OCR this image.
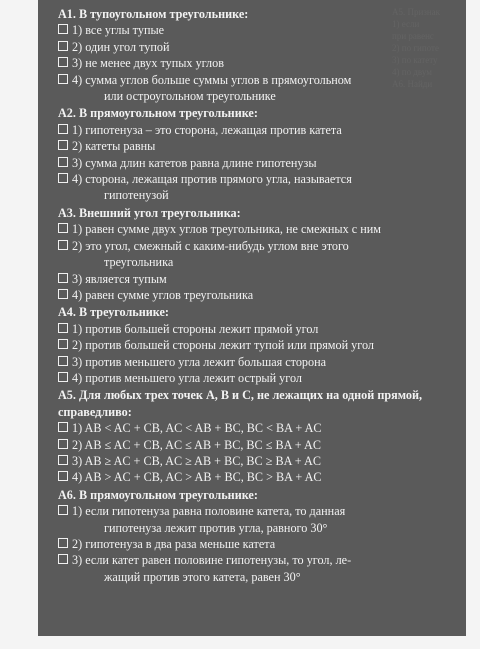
А5. Признак
1) если
при равенс
2) по гипоте
3) по катету
4) по двум
А6. Найди
А1. В тупоугольном треугольнике:
1) все углы тупые
2) один угол тупой
3) не менее двух тупых углов
4) сумма углов больше суммы углов в прямоугольном
или остроугольном треугольнике
А2. В прямоугольном треугольнике:
1) гипотенуза – это сторона, лежащая против катета
2) катеты равны
3) сумма длин катетов равна длине гипотенузы
4) сторона, лежащая против прямого угла, называется
гипотенузой
А3. Внешний угол треугольника:
1) равен сумме двух углов треугольника, не смежных с ним
2) это угол, смежный с каким-нибудь углом вне этого
треугольника
3) является тупым
4) равен сумме углов треугольника
А4. В треугольнике:
1) против большей стороны лежит прямой угол
2) против большей стороны лежит тупой или прямой угол
3) против меньшего угла лежит большая сторона
4) против меньшего угла лежит острый угол
А5. Для любых трех точек A, B и C, не лежащих на одной прямой, справедливо:
1) AB < AC + CB, AC < AB + BC, BC < BA + AC
2) AB ≤ AC + CB, AC ≤ AB + BC, BC ≤ BA + AC
3) AB ≥ AC + CB, AC ≥ AB + BC, BC ≥ BA + AC
4) AB > AC + CB, AC > AB + BC, BC > BA + AC
А6. В прямоугольном треугольнике:
1) если гипотенуза равна половине катета, то данная
гипотенуза лежит против угла, равного 30°
2) гипотенуза в два раза меньше катета
3) если катет равен половине гипотенузы, то угол, ле-
жащий против этого катета, равен 30°
